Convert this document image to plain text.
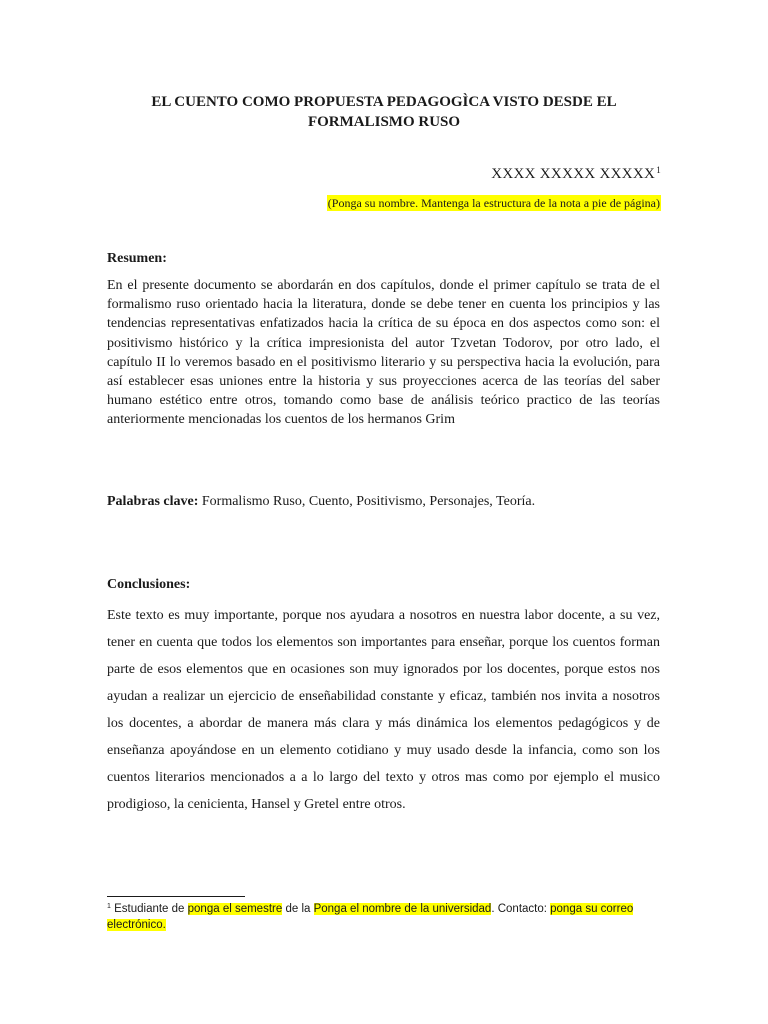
EL CUENTO COMO PROPUESTA PEDAGOGÌCA VISTO DESDE EL
FORMALISMO RUSO
XXXX XXXXX XXXXX$^1$
(Ponga su nombre. Mantenga la estructura de la nota a pie de página)
Resumen:

En el presente documento se abordarán en dos capítulos, donde el primer capítulo se trata de el formalismo ruso orientado hacia la literatura, donde se debe tener en cuenta los principios y las tendencias representativas enfatizados hacia la crítica de su época en dos aspectos como son: el positivismo histórico y la crítica impresionista del autor Tzvetan Todorov, por otro lado, el capítulo II lo veremos basado en el positivismo literario y su perspectiva hacia la evolución, para así establecer esas uniones entre la historia y sus proyecciones acerca de las teorías del saber humano estético entre otros, tomando como base de análisis teórico practico de las teorías anteriormente mencionadas los cuentos de los hermanos Grim

Palabras clave: Formalismo Ruso, Cuento, Positivismo, Personajes, Teoría.

Conclusiones:

Este texto es muy importante, porque nos ayudara a nosotros en nuestra labor docente, a su vez, tener en cuenta que todos los elementos son importantes para enseñar, porque los cuentos forman parte de esos elementos que en ocasiones son muy ignorados por los docentes, porque estos nos ayudan a realizar un ejercicio de enseñabilidad constante y eficaz, también nos invita a nosotros los docentes, a abordar de manera más clara y más dinámica los elementos pedagógicos y de enseñanza apoyándose en un elemento cotidiano y muy usado desde la infancia, como son los cuentos literarios mencionados a a lo largo del texto y otros mas como por ejemplo el musico prodigioso, la cenicienta, Hansel y Gretel entre otros.

$^1$ Estudiante de ponga el semestre de la Ponga el nombre de la universidad. Contacto: ponga su correo electrónico.
